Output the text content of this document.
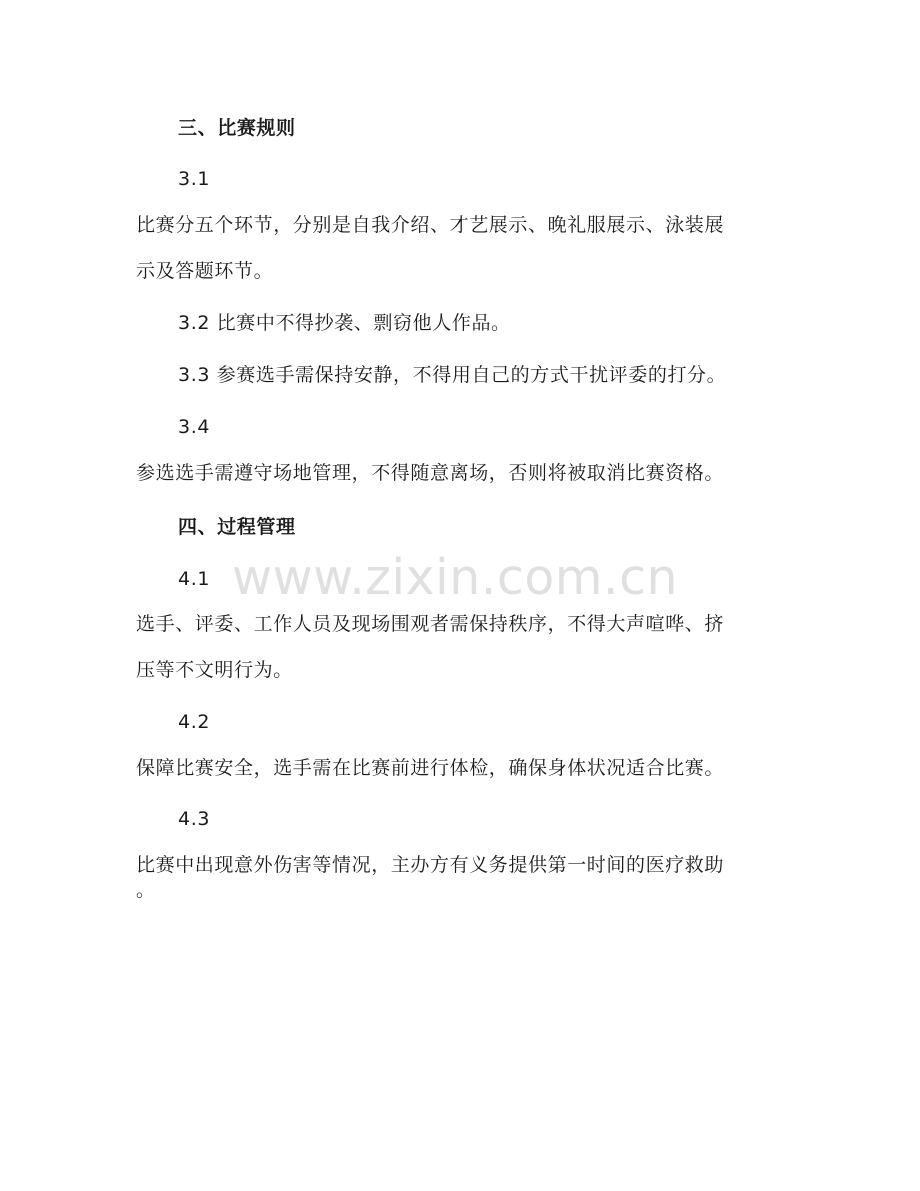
三、比赛规则
3.1
比赛分五个环节，分别是自我介绍、才艺展示、晚礼服展示、泳装展
示及答题环节。
3.2 比赛中不得抄袭、剽窃他人作品。
3.3 参赛选手需保持安静，不得用自己的方式干扰评委的打分。
3.4
参选选手需遵守场地管理，不得随意离场，否则将被取消比赛资格。
四、过程管理
4.1
选手、评委、工作人员及现场围观者需保持秩序，不得大声喧哗、挤
压等不文明行为。
4.2
保障比赛安全，选手需在比赛前进行体检，确保身体状况适合比赛。
4.3
比赛中出现意外伤害等情况，主办方有义务提供第一时间的医疗救助
。
www.zixin.com.cn
